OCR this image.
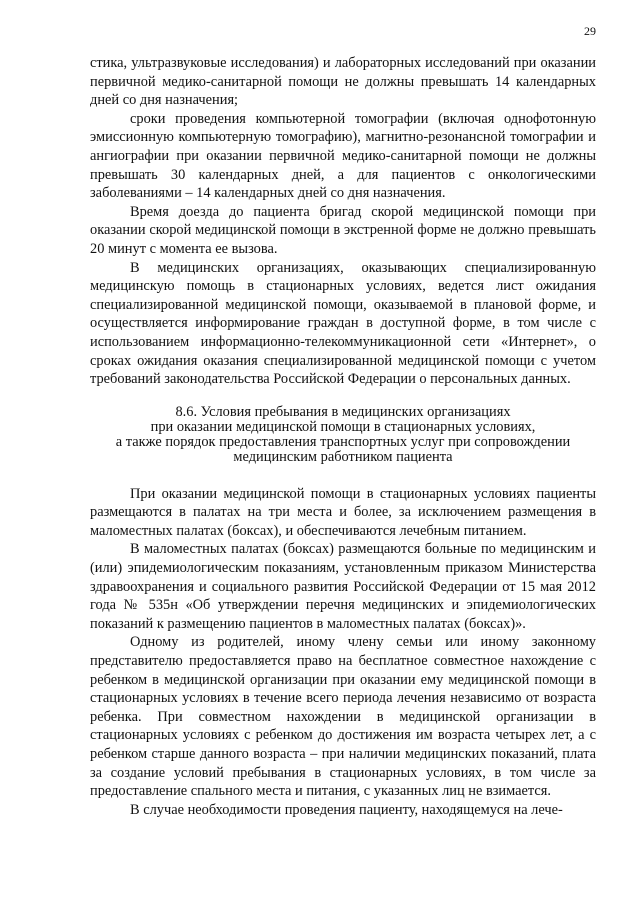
29

стика, ультразвуковые исследования) и лабораторных исследований при оказании первичной медико-санитарной помощи не должны превышать 14 календарных дней со дня назначения;

сроки проведения компьютерной томографии (включая однофотонную эмиссионную компьютерную томографию), магнитно-резонансной томографии и ангиографии при оказании первичной медико-санитарной помощи не должны превышать 30 календарных дней, а для пациентов с онкологическими заболеваниями – 14 календарных дней со дня назначения.

Время доезда до пациента бригад скорой медицинской помощи при оказании скорой медицинской помощи в экстренной форме не должно превышать 20 минут с момента ее вызова.

В медицинских организациях, оказывающих специализированную медицинскую помощь в стационарных условиях, ведется лист ожидания специализированной медицинской помощи, оказываемой в плановой форме, и осуществляется информирование граждан в доступной форме, в том числе с использованием информационно-телекоммуникационной сети «Интернет», о сроках ожидания оказания специализированной медицинской помощи с учетом требований законодательства Российской Федерации о персональных данных.

8.6. Условия пребывания в медицинских организациях
при оказании медицинской помощи в стационарных условиях,
а также порядок предоставления транспортных услуг при сопровождении
медицинским работником пациента

При оказании медицинской помощи в стационарных условиях пациенты размещаются в палатах на три места и более, за исключением размещения в маломестных палатах (боксах), и обеспечиваются лечебным питанием.

В маломестных палатах (боксах) размещаются больные по медицинским и (или) эпидемиологическим показаниям, установленным приказом Министерства здравоохранения и социального развития Российской Федерации от 15 мая 2012 года № 535н «Об утверждении перечня медицинских и эпидемиологических показаний к размещению пациентов в маломестных палатах (боксах)».

Одному из родителей, иному члену семьи или иному законному представителю предоставляется право на бесплатное совместное нахождение с ребенком в медицинской организации при оказании ему медицинской помощи в стационарных условиях в течение всего периода лечения независимо от возраста ребенка. При совместном нахождении в медицинской организации в стационарных условиях с ребенком до достижения им возраста четырех лет, а с ребенком старше данного возраста – при наличии медицинских показаний, плата за создание условий пребывания в стационарных условиях, в том числе за предоставление спального места и питания, с указанных лиц не взимается.

В случае необходимости проведения пациенту, находящемуся на лече-
